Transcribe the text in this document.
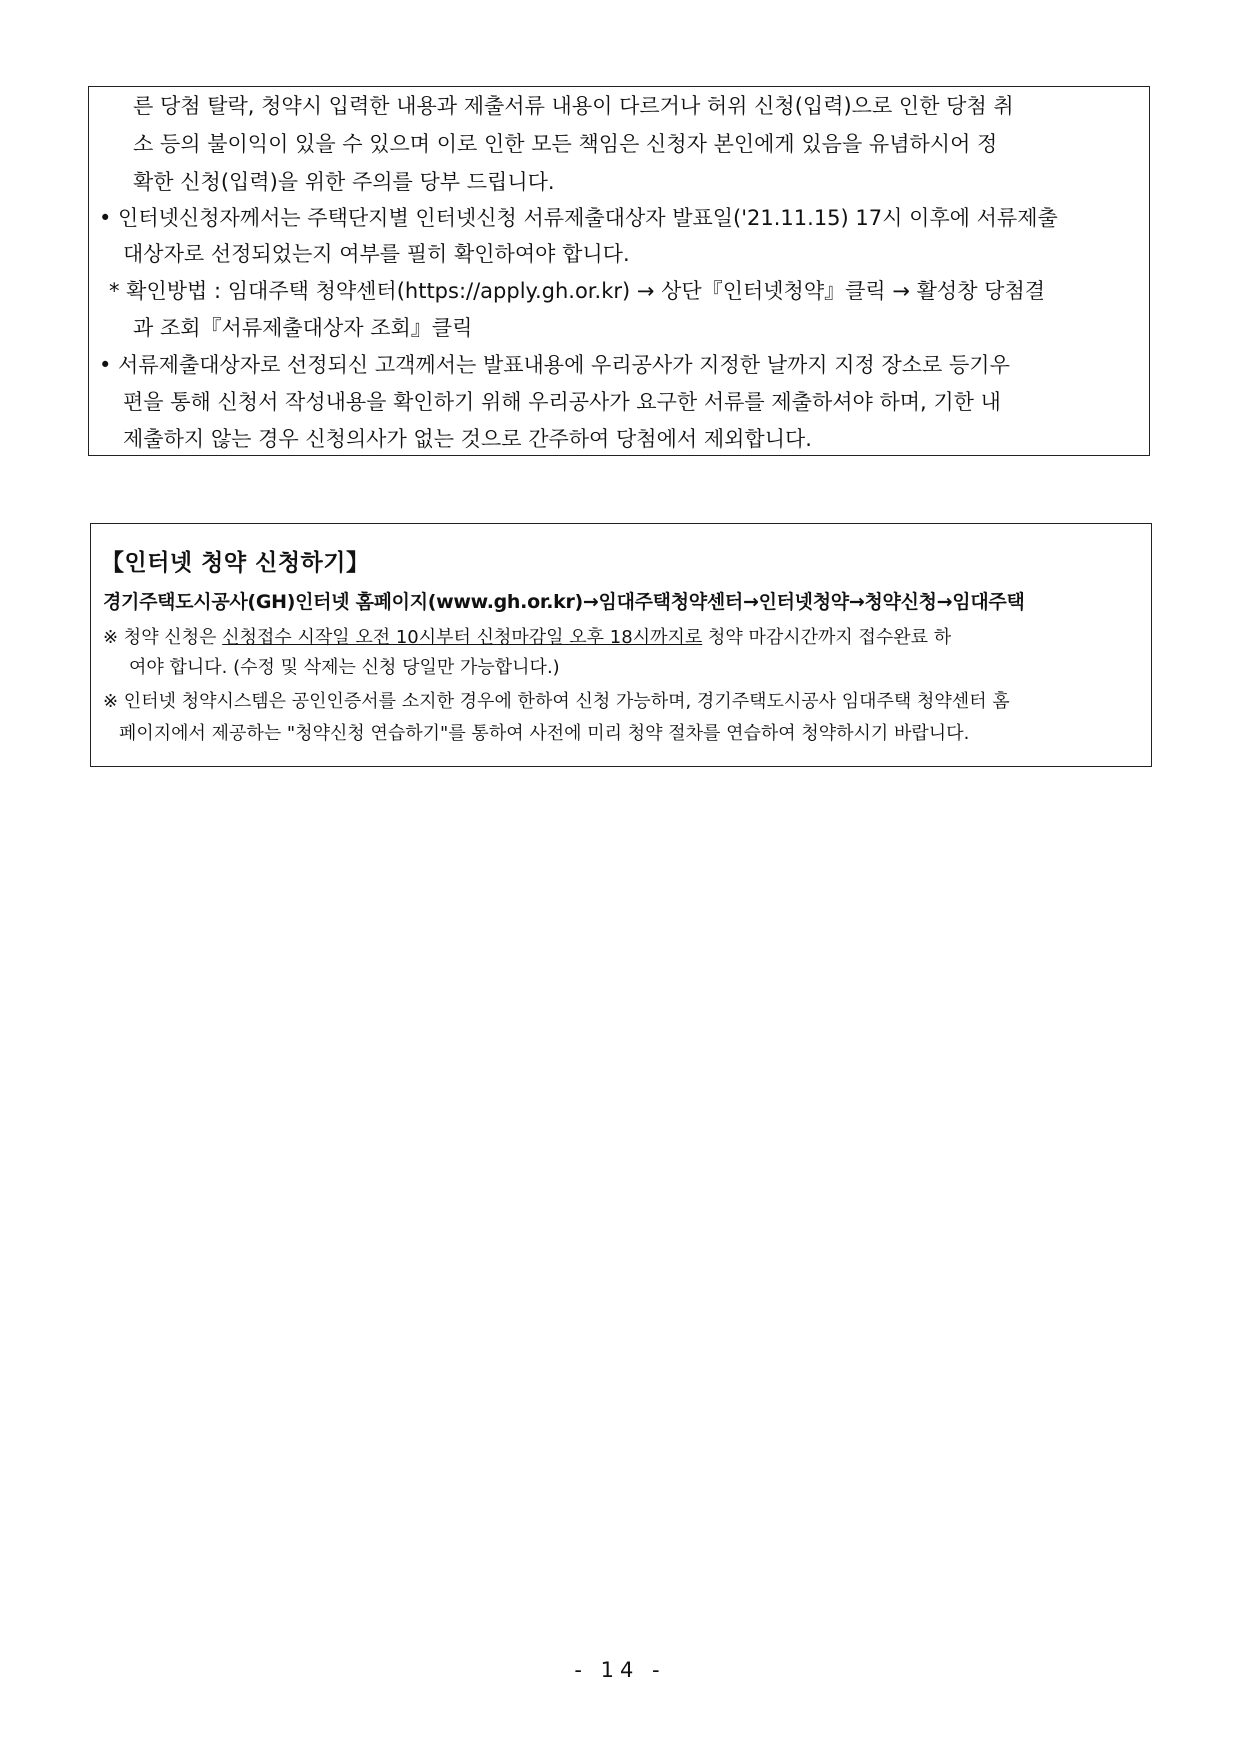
른 당첨 탈락, 청약시 입력한 내용과 제출서류 내용이 다르거나 허위 신청(입력)으로 인한 당첨 취
소 등의 불이익이 있을 수 있으며 이로 인한 모든 책임은 신청자 본인에게 있음을 유념하시어 정
확한 신청(입력)을 위한 주의를 당부 드립니다.
• 인터넷신청자께서는 주택단지별 인터넷신청 서류제출대상자 발표일('21.11.15) 17시 이후에 서류제출
대상자로 선정되었는지 여부를 필히 확인하여야 합니다.
* 확인방법 : 임대주택 청약센터(https://apply.gh.or.kr) → 상단『인터넷청약』클릭 → 활성창 당첨결
과 조회『서류제출대상자 조회』클릭
• 서류제출대상자로 선정되신 고객께서는 발표내용에 우리공사가 지정한 날까지 지정 장소로 등기우
편을 통해 신청서 작성내용을 확인하기 위해 우리공사가 요구한 서류를 제출하셔야 하며, 기한 내
제출하지 않는 경우 신청의사가 없는 것으로 간주하여 당첨에서 제외합니다.
【인터넷 청약 신청하기】
경기주택도시공사(GH)인터넷 홈페이지(www.gh.or.kr)→임대주택청약센터→인터넷청약→청약신청→임대주택
※ 청약 신청은 신청접수 시작일 오전 10시부터 신청마감일 오후 18시까지로 청약 마감시간까지 접수완료 하
여야 합니다. (수정 및 삭제는 신청 당일만 가능합니다.)
※ 인터넷 청약시스템은 공인인증서를 소지한 경우에 한하여 신청 가능하며, 경기주택도시공사 임대주택 청약센터 홈
페이지에서 제공하는 "청약신청 연습하기"를 통하여 사전에 미리 청약 절차를 연습하여 청약하시기 바랍니다.
- 14 -
